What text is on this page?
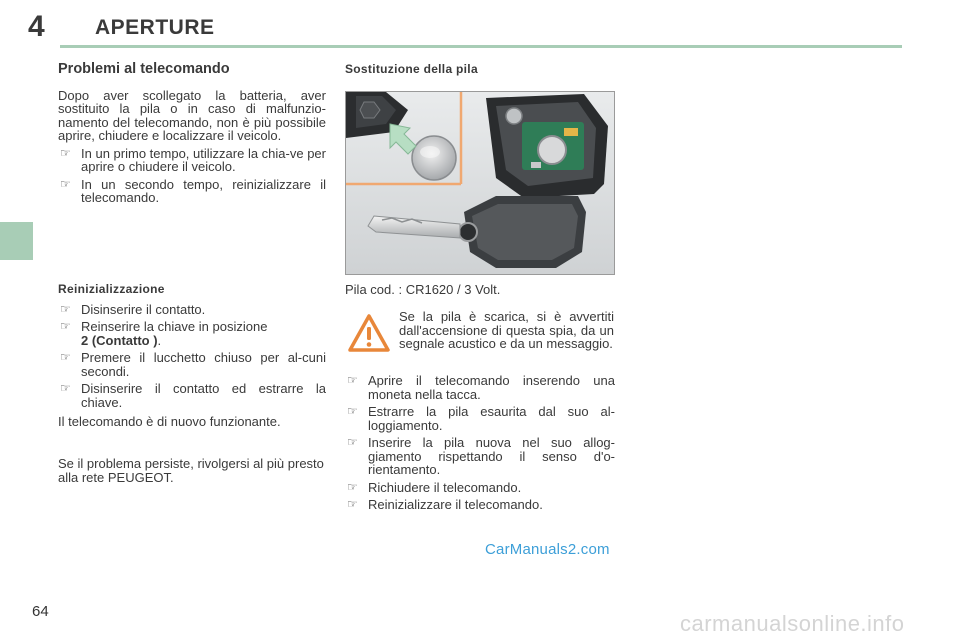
4 APERTURE

Problemi al telecomando

Dopo aver scollegato la batteria, aver sostituito la pila o in caso di malfunzio-namento del telecomando, non è più possibile aprire, chiudere e localizzare il veicolo.

☞ In un primo tempo, utilizzare la chia-ve per aprire o chiudere il veicolo.
☞ In un secondo tempo, reinizializzare il telecomando.

Reinizializzazione

☞ Disinserire il contatto.
☞ Reinserire la chiave in posizione
2 (Contatto ).
☞ Premere il lucchetto chiuso per al-cuni secondi.
☞ Disinserire il contatto ed estrarre la chiave.

Il telecomando è di nuovo funzionante.

Se il problema persiste, rivolgersi al più presto alla rete PEUGEOT.

Sostituzione della pila

Pila cod. : CR1620 / 3 Volt.

Se la pila è scarica, si è avvertiti dall'accensione di questa spia, da un segnale acustico e da un messaggio.

☞ Aprire il telecomando inserendo una moneta nella tacca.
☞ Estrarre la pila esaurita dal suo al-loggiamento.
☞ Inserire la pila nuova nel suo allog-giamento rispettando il senso d'o-rientamento.
☞ Richiudere il telecomando.
☞ Reinizializzare il telecomando.
CarManuals2.com
64	carmanualsonline.info
